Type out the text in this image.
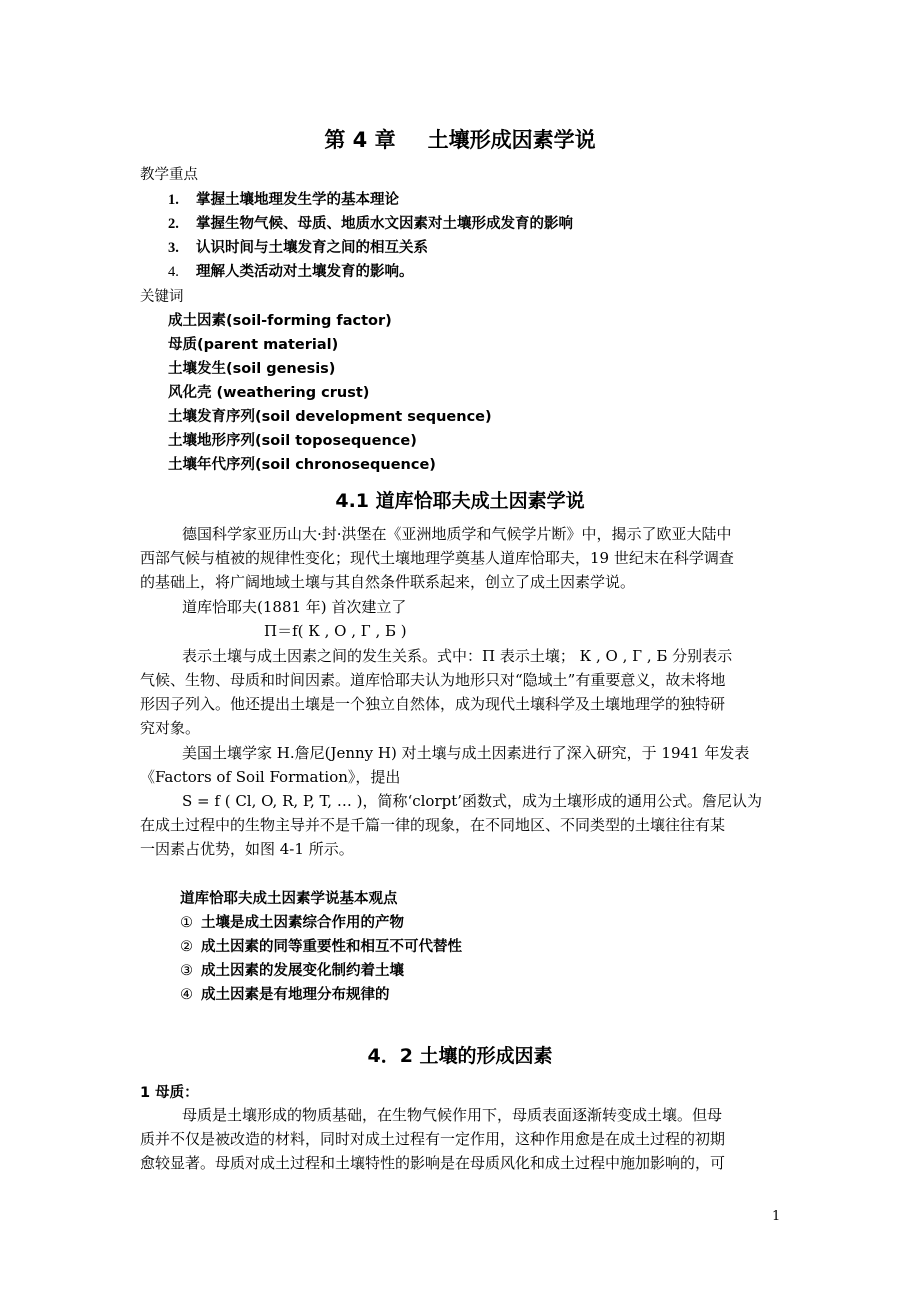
第 4 章 土壤形成因素学说
教学重点
1. 掌握土壤地理发生学的基本理论
2. 掌握生物气候、母质、地质水文因素对土壤形成发育的影响
3. 认识时间与土壤发育之间的相互关系
4. 理解人类活动对土壤发育的影响。
关键词
成土因素(soil-forming factor)
母质(parent material)
土壤发生(soil genesis)
风化壳 (weathering crust)
土壤发育序列(soil development sequence)
土壤地形序列(soil toposequence)
土壤年代序列(soil chronosequence)
4.1 道库恰耶夫成土因素学说
德国科学家亚历山大·封·洪堡在《亚洲地质学和气候学片断》中，揭示了欧亚大陆中
西部气候与植被的规律性变化；现代土壤地理学奠基人道库恰耶夫，19 世纪末在科学调查
的基础上，将广阔地域土壤与其自然条件联系起来，创立了成土因素学说。
道库恰耶夫(1881 年) 首次建立了
П＝f( К , О , Г , Б )
表示土壤与成土因素之间的发生关系。式中：П 表示土壤； К , О , Г , Б 分别表示
气候、生物、母质和时间因素。道库恰耶夫认为地形只对“隐域土”有重要意义，故未将地
形因子列入。他还提出土壤是一个独立自然体，成为现代土壤科学及土壤地理学的独特研
究对象。
美国土壤学家 H.詹尼(Jenny H) 对土壤与成土因素进行了深入研究，于 1941 年发表
《Factors of Soil Formation》，提出
S = f ( Cl, O, R, P, T, … )，简称‘clorpt’函数式，成为土壤形成的通用公式。詹尼认为
在成土过程中的生物主导并不是千篇一律的现象，在不同地区、不同类型的土壤往往有某
一因素占优势，如图 4-1 所示。
道库恰耶夫成土因素学说基本观点
① 土壤是成土因素综合作用的产物
② 成土因素的同等重要性和相互不可代替性
③ 成土因素的发展变化制约着土壤
④ 成土因素是有地理分布规律的
4．2 土壤的形成因素
1 母质：
母质是土壤形成的物质基础，在生物气候作用下，母质表面逐渐转变成土壤。但母
质并不仅是被改造的材料，同时对成土过程有一定作用，这种作用愈是在成土过程的初期
愈较显著。母质对成土过程和土壤特性的影响是在母质风化和成土过程中施加影响的，可
1
